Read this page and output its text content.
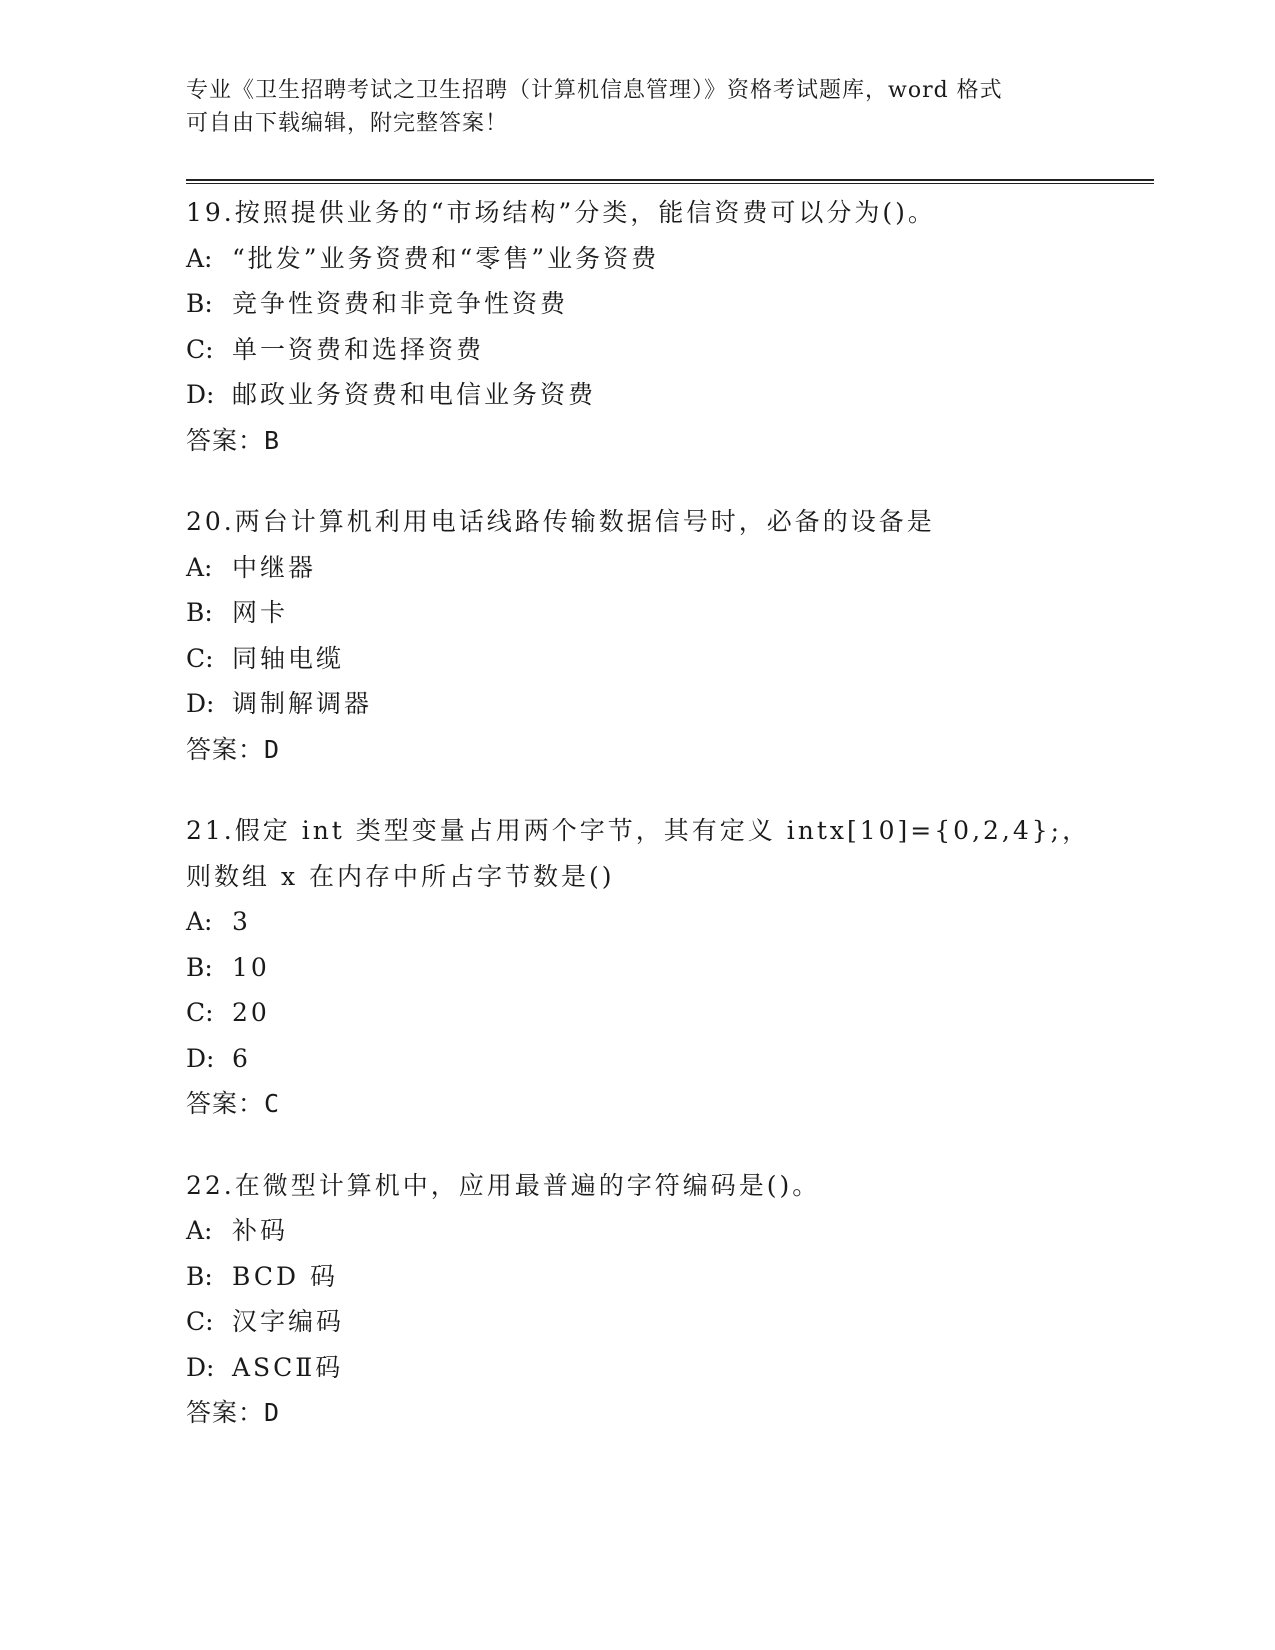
专业《卫生招聘考试之卫生招聘（计算机信息管理）》资格考试题库，word 格式
可自由下载编辑，附完整答案！
19.按照提供业务的“市场结构”分类，能信资费可以分为()。
A: “批发”业务资费和“零售”业务资费
B: 竞争性资费和非竞争性资费
C: 单一资费和选择资费
D: 邮政业务资费和电信业务资费
答案：B
20.两台计算机利用电话线路传输数据信号时，必备的设备是
A: 中继器
B: 网卡
C: 同轴电缆
D: 调制解调器
答案：D
21.假定 int 类型变量占用两个字节，其有定义 intx[10]={0,2,4};，
则数组 x 在内存中所占字节数是()
A: 3
B: 10
C: 20
D: 6
答案：C
22.在微型计算机中，应用最普遍的字符编码是()。
A: 补码
B: BCD 码
C: 汉字编码
D: ASCⅡ码
答案：D
